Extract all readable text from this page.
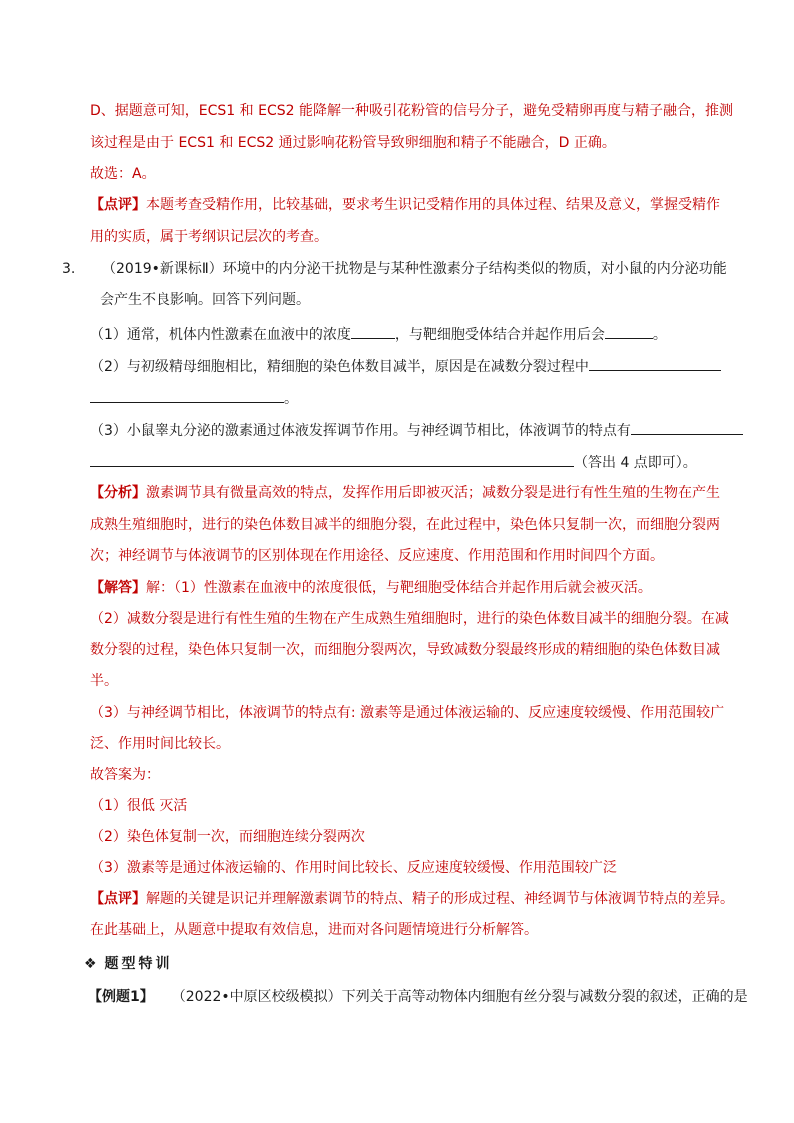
D、据题意可知，ECS1 和 ECS2 能降解一种吸引花粉管的信号分子，避免受精卵再度与精子融合，推测
该过程是由于 ECS1 和 ECS2 通过影响花粉管导致卵细胞和精子不能融合，D 正确。
故选：A。
【点评】本题考查受精作用，比较基础，要求考生识记受精作用的具体过程、结果及意义，掌握受精作
用的实质，属于考纲识记层次的考查。
3. （2019•新课标Ⅱ）环境中的内分泌干扰物是与某种性激素分子结构类似的物质，对小鼠的内分泌功能
会产生不良影响。回答下列问题。
（1）通常，机体内性激素在血液中的浓度	，与靶细胞受体结合并起作用后会	。
（2）与初级精母细胞相比，精细胞的染色体数目减半，原因是在减数分裂过程中
。
（3）小鼠睾丸分泌的激素通过体液发挥调节作用。与神经调节相比，体液调节的特点有
（答出 4 点即可）。
【分析】激素调节具有微量高效的特点，发挥作用后即被灭活；减数分裂是进行有性生殖的生物在产生
成熟生殖细胞时，进行的染色体数目减半的细胞分裂，在此过程中，染色体只复制一次，而细胞分裂两
次；神经调节与体液调节的区别体现在作用途径、反应速度、作用范围和作用时间四个方面。
【解答】解：（1）性激素在血液中的浓度很低，与靶细胞受体结合并起作用后就会被灭活。
（2）减数分裂是进行有性生殖的生物在产生成熟生殖细胞时，进行的染色体数目减半的细胞分裂。在减
数分裂的过程，染色体只复制一次，而细胞分裂两次，导致减数分裂最终形成的精细胞的染色体数目减
半。
（3）与神经调节相比，体液调节的特点有: 激素等是通过体液运输的、反应速度较缓慢、作用范围较广
泛、作用时间比较长。
故答案为：
（1）很低 灭活
（2）染色体复制一次，而细胞连续分裂两次
（3）激素等是通过体液运输的、作用时间比较长、反应速度较缓慢、作用范围较广泛
【点评】解题的关键是识记并理解激素调节的特点、精子的形成过程、神经调节与体液调节特点的差异。
在此基础上，从题意中提取有效信息，进而对各问题情境进行分析解答。
❖ 题型特训
【例题1】 （2022•中原区校级模拟）下列关于高等动物体内细胞有丝分裂与减数分裂的叙述，正确的是
